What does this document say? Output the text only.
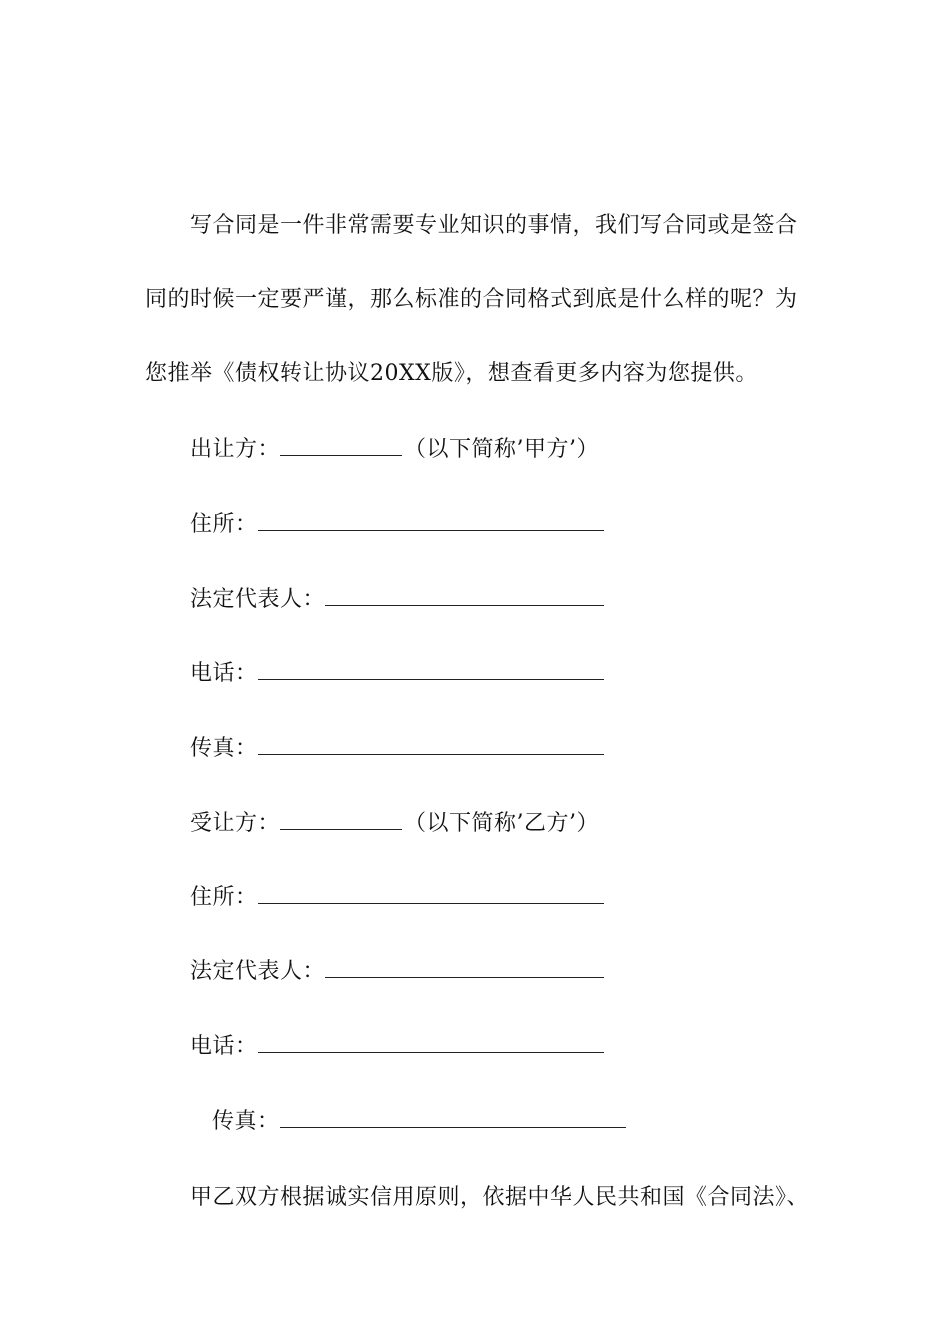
写合同是一件非常需要专业知识的事情，我们写合同或是签合
同的时候一定要严谨，那么标准的合同格式到底是什么样的呢？为
您推举《债权转让协议20XX版》，想查看更多内容为您提供。
出让方：	（以下简称’甲方’）
住所：
法定代表人：
电话：
传真：
受让方：	（以下简称’乙方’）
住所：
法定代表人：
电话：
传真：
甲乙双方根据诚实信用原则，依据中华人民共和国《合同法》、
